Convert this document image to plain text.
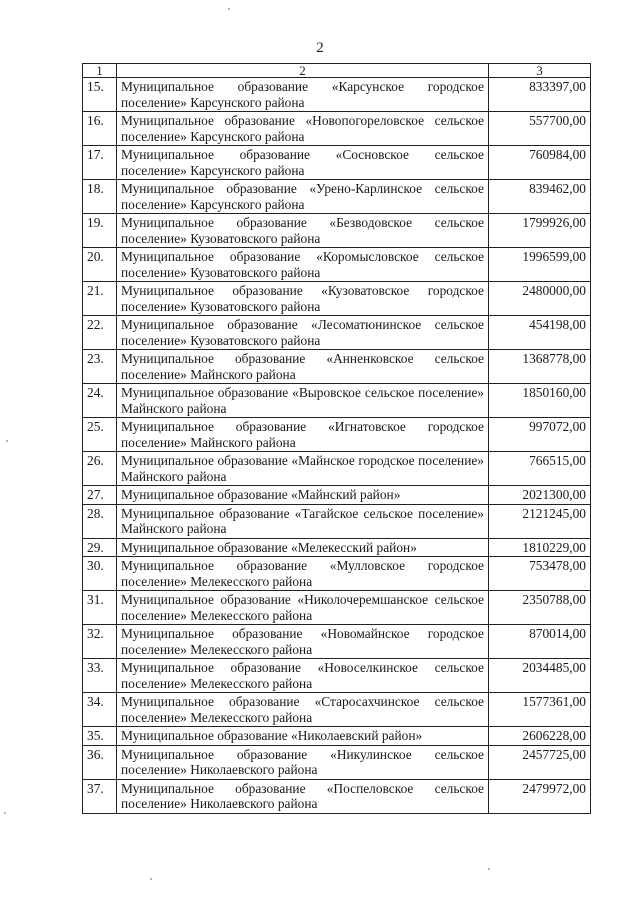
2
1	2	3
15.	Муниципальное образование «Карсунское городское поселение» Карсунского района	833397,00
16.	Муниципальное образование «Новопогореловское сельское поселение» Карсунского района	557700,00
17.	Муниципальное образование «Сосновское сельское поселение» Карсунского района	760984,00
18.	Муниципальное образование «Урено-Карлинское сельское поселение» Карсунского района	839462,00
19.	Муниципальное образование «Безводовское сельское поселение» Кузоватовского района	1799926,00
20.	Муниципальное образование «Коромысловское сельское поселение» Кузоватовского района	1996599,00
21.	Муниципальное образование «Кузоватовское городское поселение» Кузоватовского района	2480000,00
22.	Муниципальное образование «Лесоматюнинское сельское поселение» Кузоватовского района	454198,00
23.	Муниципальное образование «Анненковское сельское поселение» Майнского района	1368778,00
24.	Муниципальное образование «Выровское сельское поселение» Майнского района	1850160,00
25.	Муниципальное образование «Игнатовское городское поселение» Майнского района	997072,00
26.	Муниципальное образование «Майнское городское поселение» Майнского района	766515,00
27.	Муниципальное образование «Майнский район»	2021300,00
28.	Муниципальное образование «Тагайское сельское поселение» Майнского района	2121245,00
29.	Муниципальное образование «Мелекесский район»	1810229,00
30.	Муниципальное образование «Мулловское городское поселение» Мелекесского района	753478,00
31.	Муниципальное образование «Николочеремшанское сельское поселение» Мелекесского района	2350788,00
32.	Муниципальное образование «Новомайнское городское поселение» Мелекесского района	870014,00
33.	Муниципальное образование «Новоселкинское сельское поселение» Мелекесского района	2034485,00
34.	Муниципальное образование «Старосахчинское сельское поселение» Мелекесского района	1577361,00
35.	Муниципальное образование «Николаевский район»	2606228,00
36.	Муниципальное образование «Никулинское сельское поселение» Николаевского района	2457725,00
37.	Муниципальное образование «Поспеловское сельское поселение» Николаевского района	2479972,00
